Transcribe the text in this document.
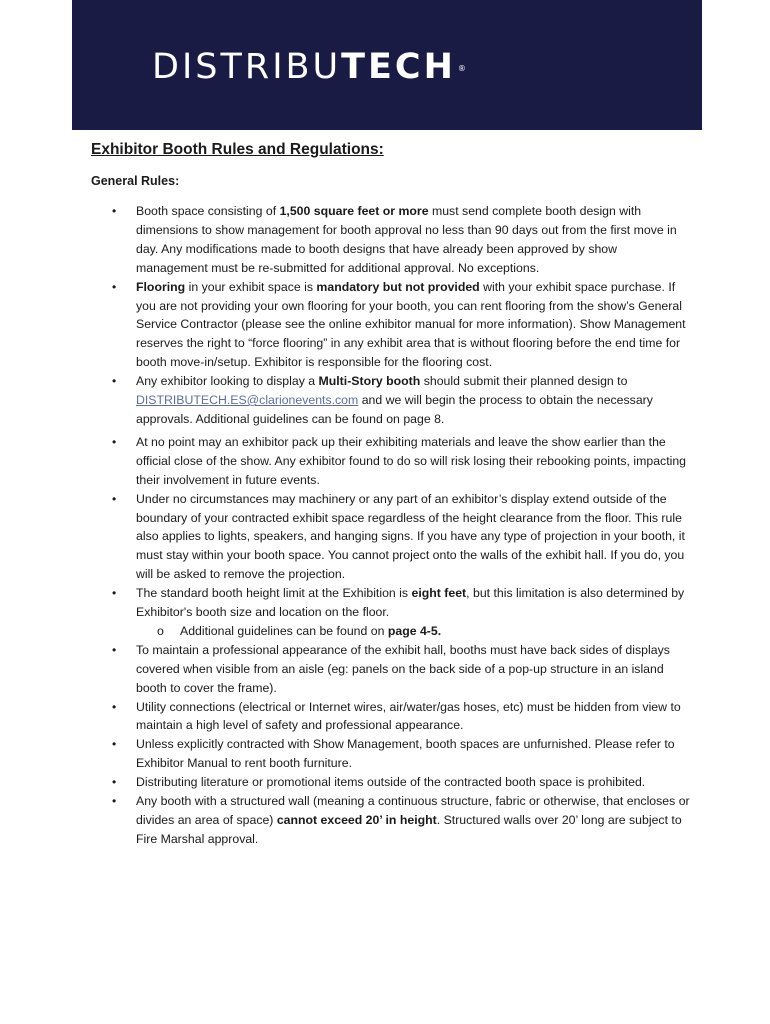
DISTRIBU TECH ®
Exhibitor Booth Rules and Regulations:
General Rules:
• Booth space consisting of 1,500 square feet or more must send complete booth design with dimensions to show management for booth approval no less than 90 days out from the first move in day. Any modifications made to booth designs that have already been approved by show management must be re-submitted for additional approval. No exceptions.
• Flooring in your exhibit space is mandatory but not provided with your exhibit space purchase. If you are not providing your own flooring for your booth, you can rent flooring from the show’s General Service Contractor (please see the online exhibitor manual for more information). Show Management reserves the right to “force flooring” in any exhibit area that is without flooring before the end time for booth move-in/setup. Exhibitor is responsible for the flooring cost.
• Any exhibitor looking to display a Multi-Story booth should submit their planned design to DISTRIBUTECH.ES@clarionevents.com and we will begin the process to obtain the necessary approvals. Additional guidelines can be found on page 8.
• At no point may an exhibitor pack up their exhibiting materials and leave the show earlier than the official close of the show. Any exhibitor found to do so will risk losing their rebooking points, impacting their involvement in future events.
• Under no circumstances may machinery or any part of an exhibitor’s display extend outside of the boundary of your contracted exhibit space regardless of the height clearance from the floor. This rule also applies to lights, speakers, and hanging signs. If you have any type of projection in your booth, it must stay within your booth space. You cannot project onto the walls of the exhibit hall. If you do, you will be asked to remove the projection.
• The standard booth height limit at the Exhibition is eight feet, but this limitation is also determined by Exhibitor's booth size and location on the floor.
o Additional guidelines can be found on page 4-5.
• To maintain a professional appearance of the exhibit hall, booths must have back sides of displays covered when visible from an aisle (eg: panels on the back side of a pop-up structure in an island booth to cover the frame).
• Utility connections (electrical or Internet wires, air/water/gas hoses, etc) must be hidden from view to maintain a high level of safety and professional appearance.
• Unless explicitly contracted with Show Management, booth spaces are unfurnished. Please refer to Exhibitor Manual to rent booth furniture.
• Distributing literature or promotional items outside of the contracted booth space is prohibited.
• Any booth with a structured wall (meaning a continuous structure, fabric or otherwise, that encloses or divides an area of space) cannot exceed 20’ in height. Structured walls over 20’ long are subject to Fire Marshal approval.
